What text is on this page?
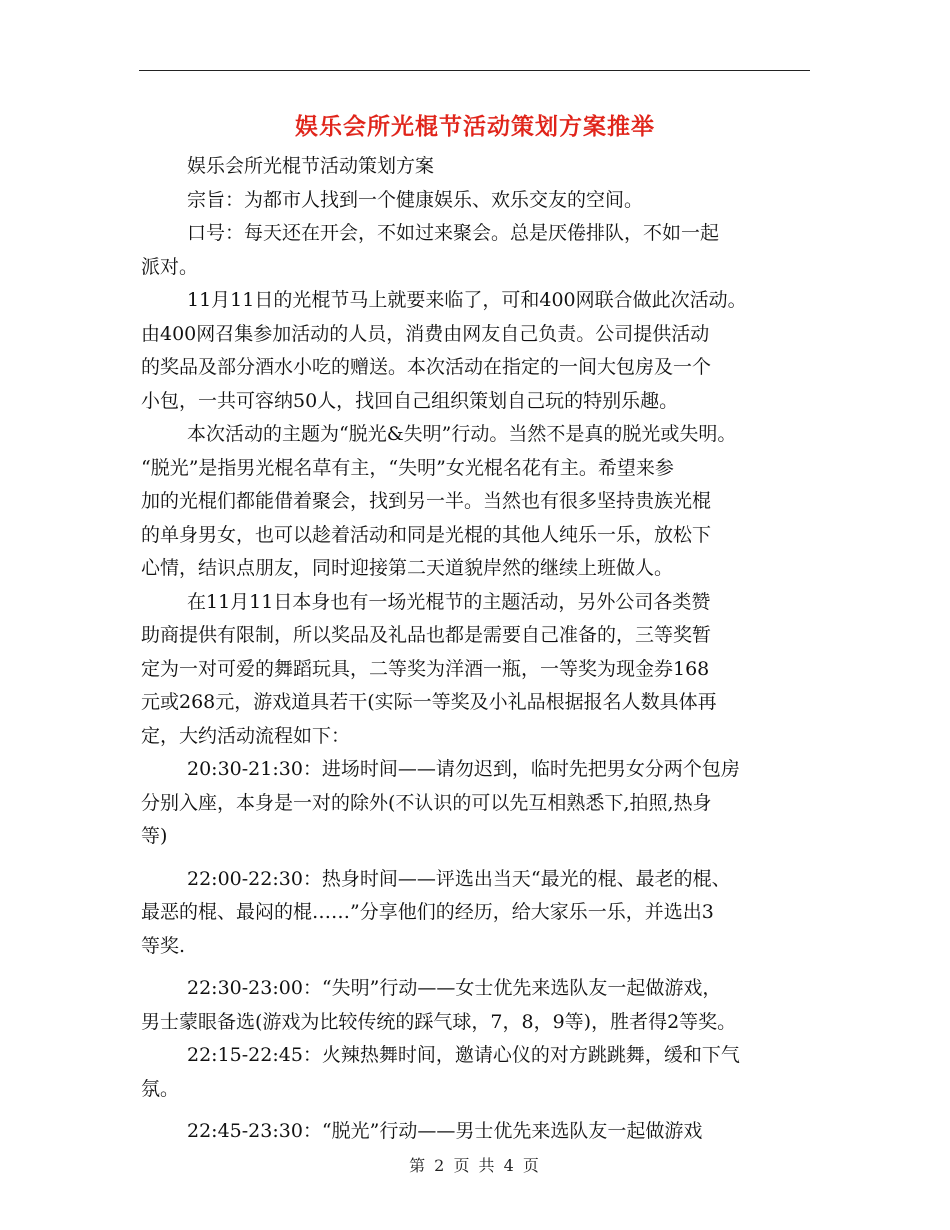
娱乐会所光棍节活动策划方案推举
娱乐会所光棍节活动策划方案
宗旨：为都市人找到一个健康娱乐、欢乐交友的空间。
口号：每天还在开会，不如过来聚会。总是厌倦排队，不如一起
派对。
11月11日的光棍节马上就要来临了，可和400网联合做此次活动。
由400网召集参加活动的人员，消费由网友自己负责。公司提供活动
的奖品及部分酒水小吃的赠送。本次活动在指定的一间大包房及一个
小包，一共可容纳50人，找回自己组织策划自己玩的特别乐趣。
本次活动的主题为“脱光&失明”行动。当然不是真的脱光或失明。
“脱光”是指男光棍名草有主，“失明”女光棍名花有主。希望来参
加的光棍们都能借着聚会，找到另一半。当然也有很多坚持贵族光棍
的单身男女，也可以趁着活动和同是光棍的其他人纯乐一乐，放松下
心情，结识点朋友，同时迎接第二天道貌岸然的继续上班做人。
在11月11日本身也有一场光棍节的主题活动，另外公司各类赞
助商提供有限制，所以奖品及礼品也都是需要自己准备的，三等奖暂
定为一对可爱的舞蹈玩具，二等奖为洋酒一瓶，一等奖为现金券168
元或268元，游戏道具若干(实际一等奖及小礼品根据报名人数具体再
定，大约活动流程如下：
20:30-21:30：进场时间——请勿迟到，临时先把男女分两个包房
分别入座，本身是一对的除外(不认识的可以先互相熟悉下,拍照,热身
等)
22:00-22:30：热身时间——评选出当天“最光的棍、最老的棍、
最恶的棍、最闷的棍……”分享他们的经历，给大家乐一乐，并选出3
等奖.
22:30-23:00：“失明”行动——女士优先来选队友一起做游戏，
男士蒙眼备选(游戏为比较传统的踩气球，7，8，9等)，胜者得2等奖。
22:15-22:45：火辣热舞时间，邀请心仪的对方跳跳舞，缓和下气
氛。
22:45-23:30：“脱光”行动——男士优先来选队友一起做游戏
第 2 页 共 4 页
